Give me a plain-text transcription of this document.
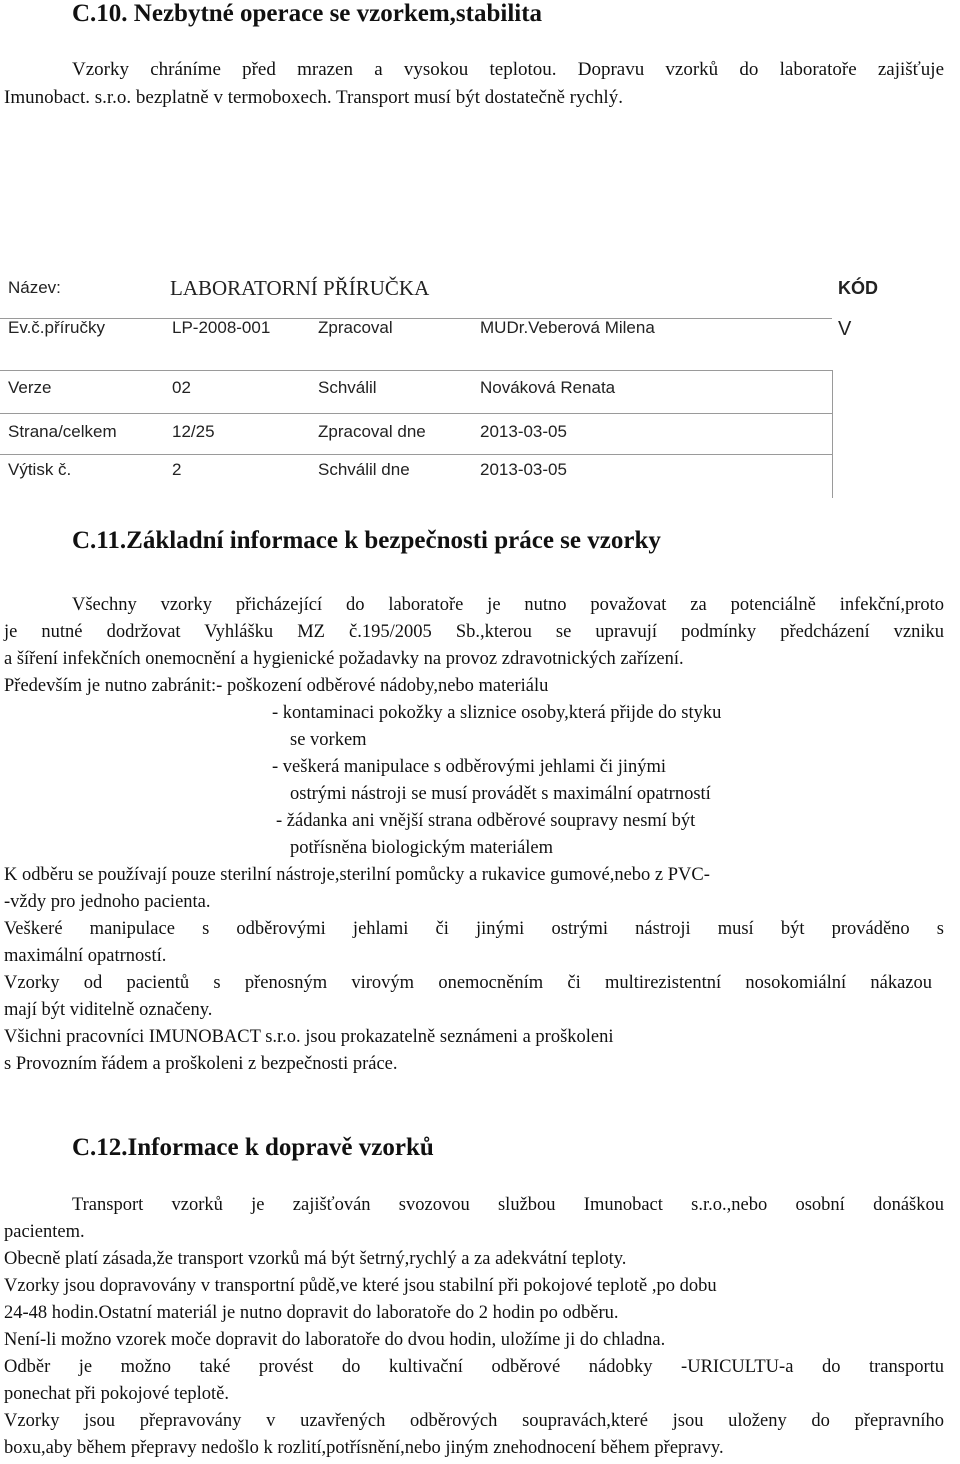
C.10. Nezbytné operace se vzorkem,stabilita
Vzorky chráníme před mrazen a vysokou teplotou. Dopravu vzorků do laboratoře zajišťuje
Imunobact. s.r.o. bezplatně v termoboxech. Transport musí být dostatečně rychlý.
Název:	LABORATORNÍ PŘÍRUČKA	KÓD
V
Ev.č.příručky	LP-2008-001	Zpracoval	MUDr.Veberová Milena
Verze	02	Schválil	Nováková Renata
Strana/celkem	12/25	Zpracoval dne	2013-03-05
Výtisk č.	2	Schválil dne	2013-03-05
C.11.Základní informace k bezpečnosti práce se vzorky
Všechny vzorky přicházející do laboratoře je nutno považovat za potenciálně infekční,proto
je nutné dodržovat Vyhlášku MZ č.195/2005 Sb.,kterou se upravují podmínky předcházení vzniku
a šíření infekčních onemocnění a hygienické požadavky na provoz zdravotnických zařízení.
Především je nutno zabránit:- poškození odběrové nádoby,nebo materiálu
- kontaminaci pokožky a sliznice osoby,která přijde do styku
se vorkem
- veškerá manipulace s odběrovými jehlami či jinými
ostrými nástroji se musí provádět s maximální opatrností
- žádanka ani vnější strana odběrové soupravy nesmí být
potřísněna biologickým materiálem
K odběru se používají pouze sterilní nástroje,sterilní pomůcky a rukavice gumové,nebo z PVC-
-vždy pro jednoho pacienta.
Veškeré manipulace s odběrovými jehlami či jinými ostrými nástroji musí být prováděno s
maximální opatrností.
Vzorky od pacientů s přenosným virovým onemocněním či multirezistentní nosokomiální nákazou
mají být viditelně označeny.
Všichni pracovníci IMUNOBACT s.r.o. jsou prokazatelně seznámeni a proškoleni
s Provozním řádem a proškoleni z bezpečnosti práce.
C.12.Informace k dopravě vzorků
Transport vzorků je zajišťován svozovou službou Imunobact s.r.o.,nebo osobní donáškou
pacientem.
Obecně platí zásada,že transport vzorků má být šetrný,rychlý a za adekvátní teploty.
Vzorky jsou dopravovány v transportní půdě,ve které jsou stabilní při pokojové teplotě ,po dobu
24-48 hodin.Ostatní materiál je nutno dopravit do laboratoře do 2 hodin po odběru.
Není-li možno vzorek moče dopravit do laboratoře do dvou hodin, uložíme ji do chladna.
Odběr je možno také provést do kultivační odběrové nádobky -URICULTU-a do transportu
ponechat při pokojové teplotě.
Vzorky jsou přepravovány v uzavřených odběrových soupravách,které jsou uloženy do přepravního
boxu,aby během přepravy nedošlo k rozlití,potřísnění,nebo jiným znehodnocení během přepravy.
